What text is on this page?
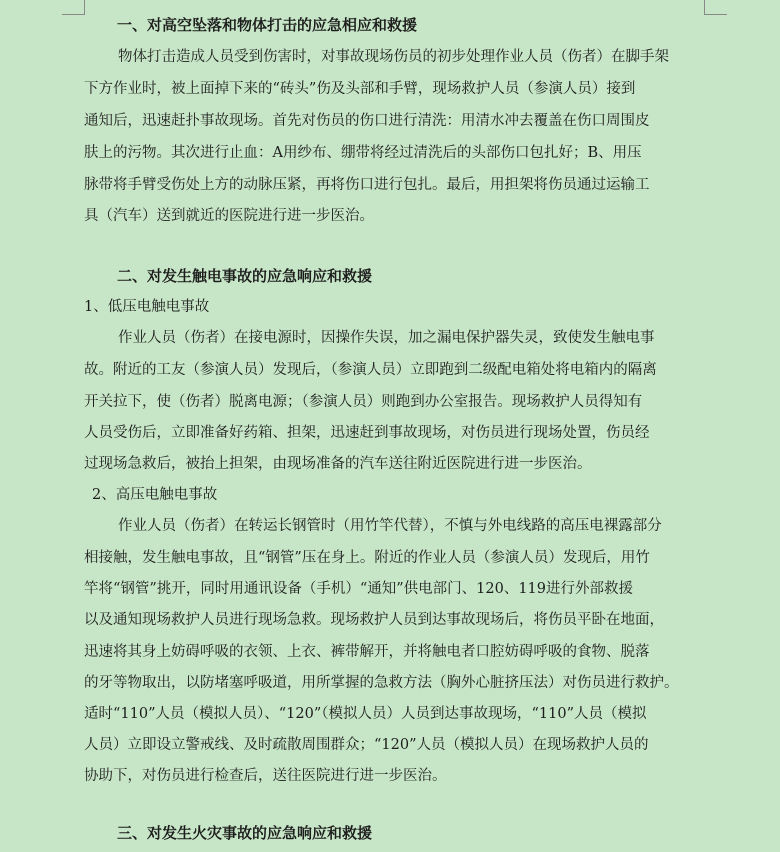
一、对高空坠落和物体打击的应急相应和救援
物体打击造成人员受到伤害时，对事故现场伤员的初步处理作业人员（伤者）在脚手架
下方作业时，被上面掉下来的“砖头”伤及头部和手臂，现场救护人员（参演人员）接到
通知后，迅速赶扑事故现场。首先对伤员的伤口进行清洗：用清水冲去覆盖在伤口周围皮
肤上的污物。其次进行止血：A用纱布、绷带将经过清洗后的头部伤口包扎好；B、用压
脉带将手臂受伤处上方的动脉压紧，再将伤口进行包扎。最后，用担架将伤员通过运输工
具（汽车）送到就近的医院进行进一步医治。
二、对发生触电事故的应急响应和救援
1、低压电触电事故
作业人员（伤者）在接电源时，因操作失误，加之漏电保护器失灵，致使发生触电事
故。附近的工友（参演人员）发现后，（参演人员）立即跑到二级配电箱处将电箱内的隔离
开关拉下，使（伤者）脱离电源；（参演人员）则跑到办公室报告。现场救护人员得知有
人员受伤后，立即准备好药箱、担架，迅速赶到事故现场，对伤员进行现场处置，伤员经
过现场急救后，被抬上担架，由现场准备的汽车送往附近医院进行进一步医治。
2、高压电触电事故
作业人员（伤者）在转运长钢管时（用竹竿代替），不慎与外电线路的高压电裸露部分
相接触，发生触电事故，且“钢管”压在身上。附近的作业人员（参演人员）发现后，用竹
竿将“钢管”挑开，同时用通讯设备（手机）“通知”供电部门、120、119进行外部救援
以及通知现场救护人员进行现场急救。现场救护人员到达事故现场后，将伤员平卧在地面，
迅速将其身上妨碍呼吸的衣领、上衣、裤带解开，并将触电者口腔妨碍呼吸的食物、脱落
的牙等物取出，以防堵塞呼吸道，用所掌握的急救方法（胸外心脏挤压法）对伤员进行救护。
适时“110”人员（模拟人员）、“120”（模拟人员）人员到达事故现场，“110”人员（模拟
人员）立即设立警戒线、及时疏散周围群众；“120”人员（模拟人员）在现场救护人员的
协助下，对伤员进行检查后，送往医院进行进一步医治。
三、对发生火灾事故的应急响应和救援
